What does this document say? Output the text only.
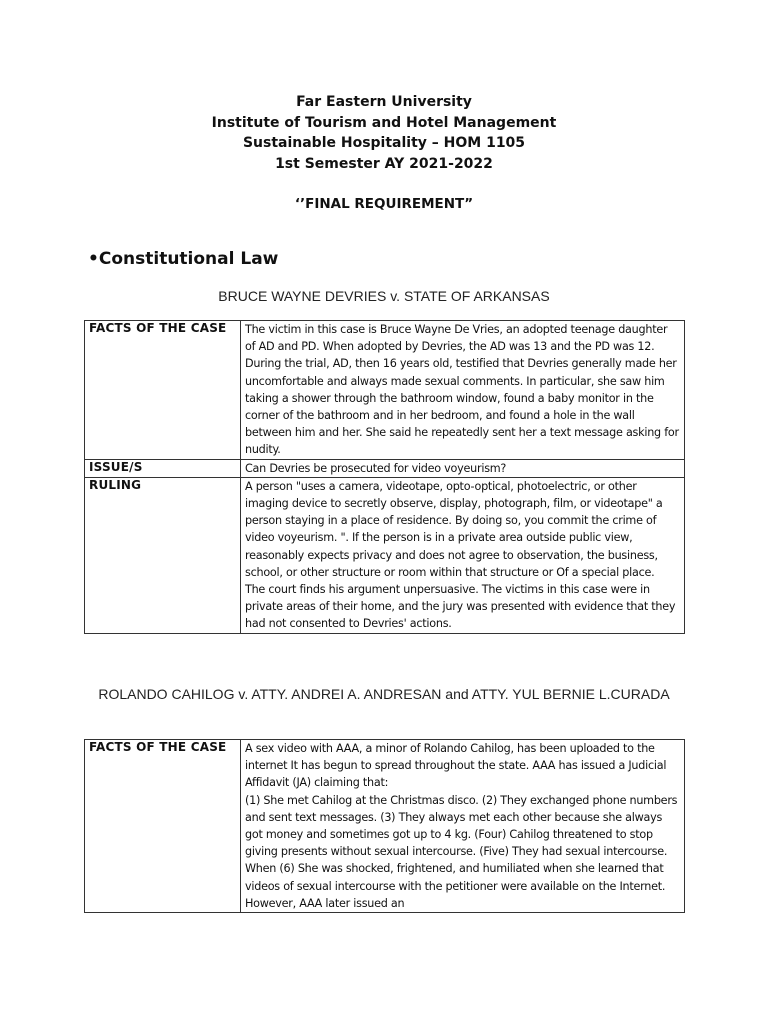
Far Eastern University
Institute of Tourism and Hotel Management
Sustainable Hospitality – HOM 1105
1st Semester AY 2021-2022
‘’FINAL REQUIREMENT”
•Constitutional Law
BRUCE WAYNE DEVRIES v. STATE OF ARKANSAS
FACTS OF THE CASE	The victim in this case is Bruce Wayne De Vries, an adopted teenage daughter of AD and PD. When adopted by Devries, the AD was 13 and the PD was 12. During the trial, AD, then 16 years old, testified that Devries generally made her uncomfortable and always made sexual comments. In particular, she saw him taking a shower through the bathroom window, found a baby monitor in the corner of the bathroom and in her bedroom, and found a hole in the wall between him and her. She said he repeatedly sent her a text message asking for nudity.
ISSUE/S	Can Devries be prosecuted for video voyeurism?
RULING	A person "uses a camera, videotape, opto-optical, photoelectric, or other imaging device to secretly observe, display, photograph, film, or videotape" a person staying in a place of residence. By doing so, you commit the crime of video voyeurism. ". If the person is in a private area outside public view, reasonably expects privacy and does not agree to observation, the business, school, or other structure or room within that structure or Of a special place.

The court finds his argument unpersuasive. The victims in this case were in private areas of their home, and the jury was presented with evidence that they had not consented to Devries' actions.

ROLANDO CAHILOG v. ATTY. ANDREI A. ANDRESAN and ATTY. YUL BERNIE L.CURADA
FACTS OF THE CASE	A sex video with AAA, a minor of Rolando Cahilog, has been uploaded to the internet It has begun to spread throughout the state. AAA has issued a Judicial Affidavit (JA) claiming that:

(1) She met Cahilog at the Christmas disco. (2) They exchanged phone numbers and sent text messages. (3) They always met each other because she always got money and sometimes got up to 4 kg. (Four) Cahilog threatened to stop giving presents without sexual intercourse. (Five) They had sexual intercourse. When (6) She was shocked, frightened, and humiliated when she learned that videos of sexual intercourse with the petitioner were available on the Internet. However, AAA later issued an
